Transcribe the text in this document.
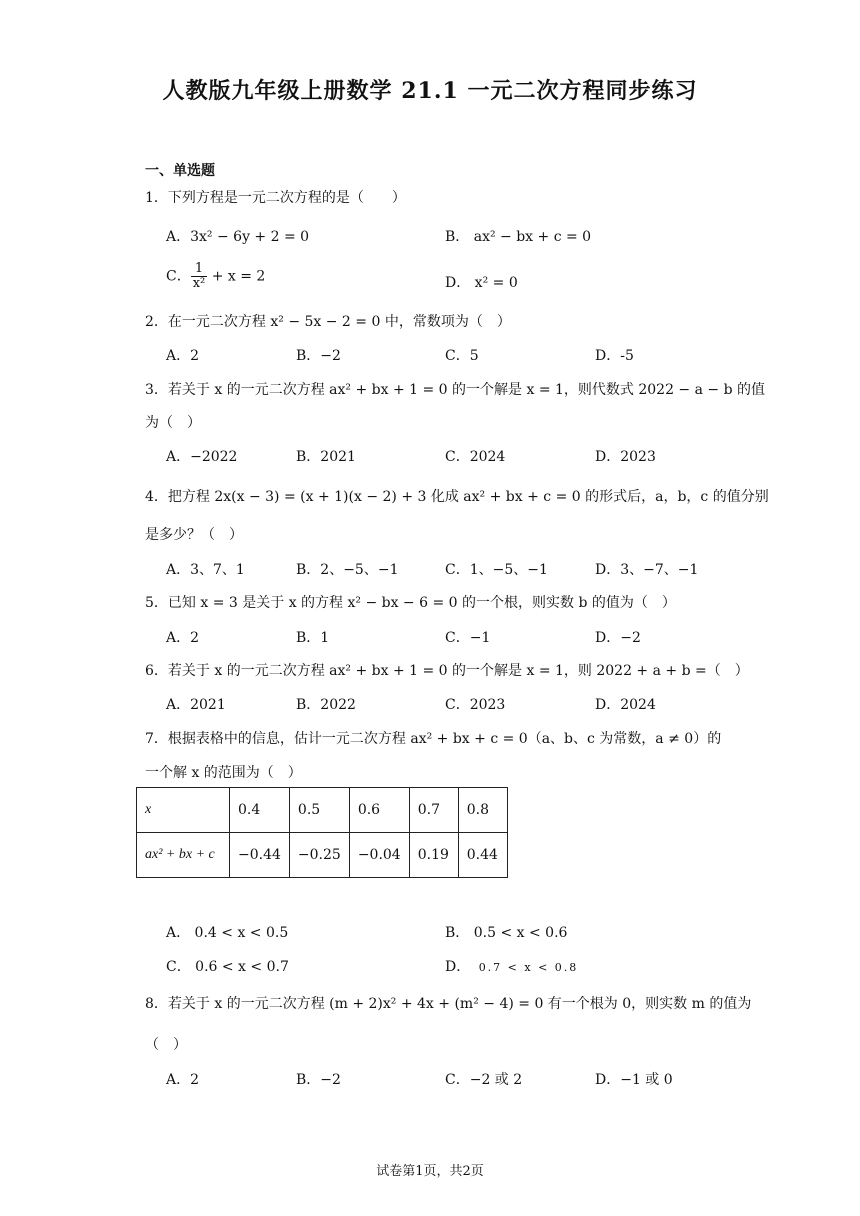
人教版九年级上册数学 21.1 一元二次方程同步练习
一、单选题
1．下列方程是一元二次方程的是（　　）
A．3x² − 6y + 2 = 0	B． ax² − bx + c = 0
C． $\frac{1}{\text{x²}} + x = 2$	D． x² = 0
2．在一元二次方程 x² − 5x − 2 = 0 中，常数项为（　）
A．2	B．−2	C．5	D．-5
3．若关于 x 的一元二次方程 ax² + bx + 1 = 0 的一个解是 x = 1，则代数式 2022 − a − b 的值
为（　）
A．−2022	B．2021	C．2024	D．2023
4．把方程 2x(x − 3) = (x + 1)(x − 2) + 3 化成 ax² + bx + c = 0 的形式后，a，b，c 的值分别
是多少？（　）
A．3、7、1	B．2、−5、−1	C．1、−5、−1	D．3、−7、−1
5．已知 x = 3 是关于 x 的方程 x² − bx − 6 = 0 的一个根，则实数 b 的值为（　）
A．2	B．1	C．−1	D．−2
6．若关于 x 的一元二次方程 ax² + bx + 1 = 0 的一个解是 x = 1，则 2022 + a + b =（　）
A．2021	B．2022	C．2023	D．2024
7．根据表格中的信息，估计一元二次方程 ax² + bx + c = 0（a、b、c 为常数，a ≠ 0）的
一个解 x 的范围为（　）
x	0.4	0.5	0.6	0.7	0.8
ax² + bx + c	−0.44	−0.25	−0.04	0.19	0.44
A． 0.4 < x < 0.5	B． 0.5 < x < 0.6
C． 0.6 < x < 0.7	D． 0.7 < x < 0.8
8．若关于 x 的一元二次方程 (m + 2)x² + 4x + (m² − 4) = 0 有一个根为 0，则实数 m 的值为
（　）
A．2	B．−2	C．−2 或 2	D．−1 或 0
试卷第1页，共2页
